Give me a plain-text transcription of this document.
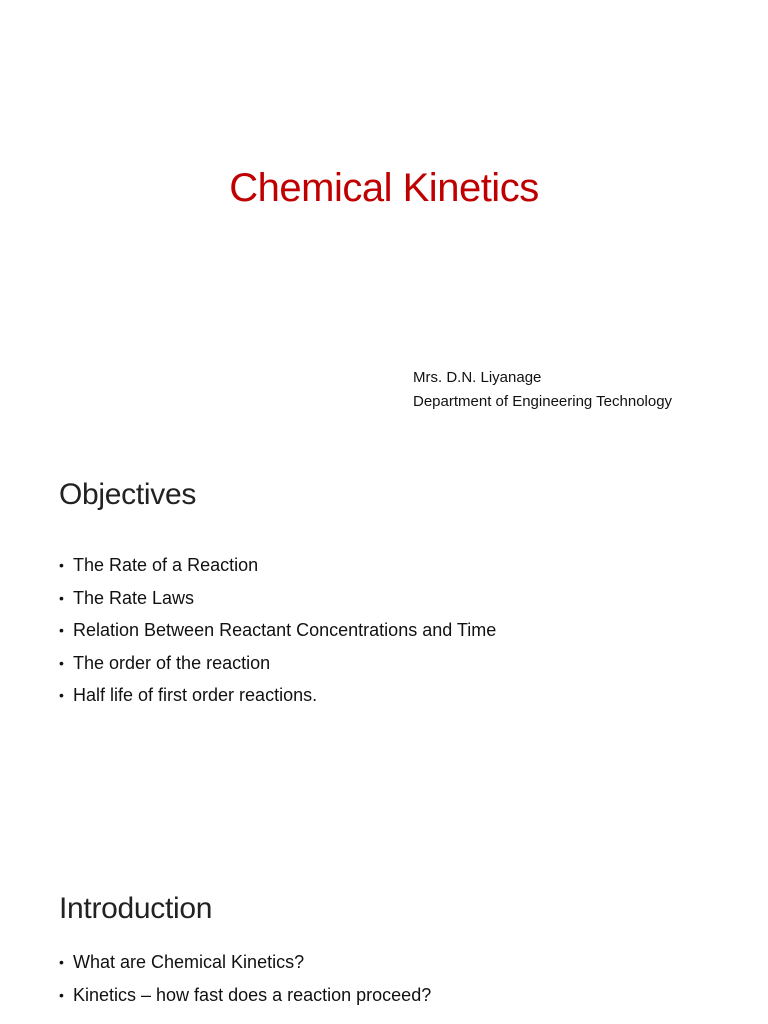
Chemical Kinetics
Mrs. D.N. Liyanage
Department of Engineering Technology
Objectives
• The Rate of a Reaction
• The Rate Laws
• Relation Between Reactant Concentrations and Time
• The order of the reaction
• Half life of first order reactions.
Introduction
• What are Chemical Kinetics?
• Kinetics – how fast does a reaction proceed?
